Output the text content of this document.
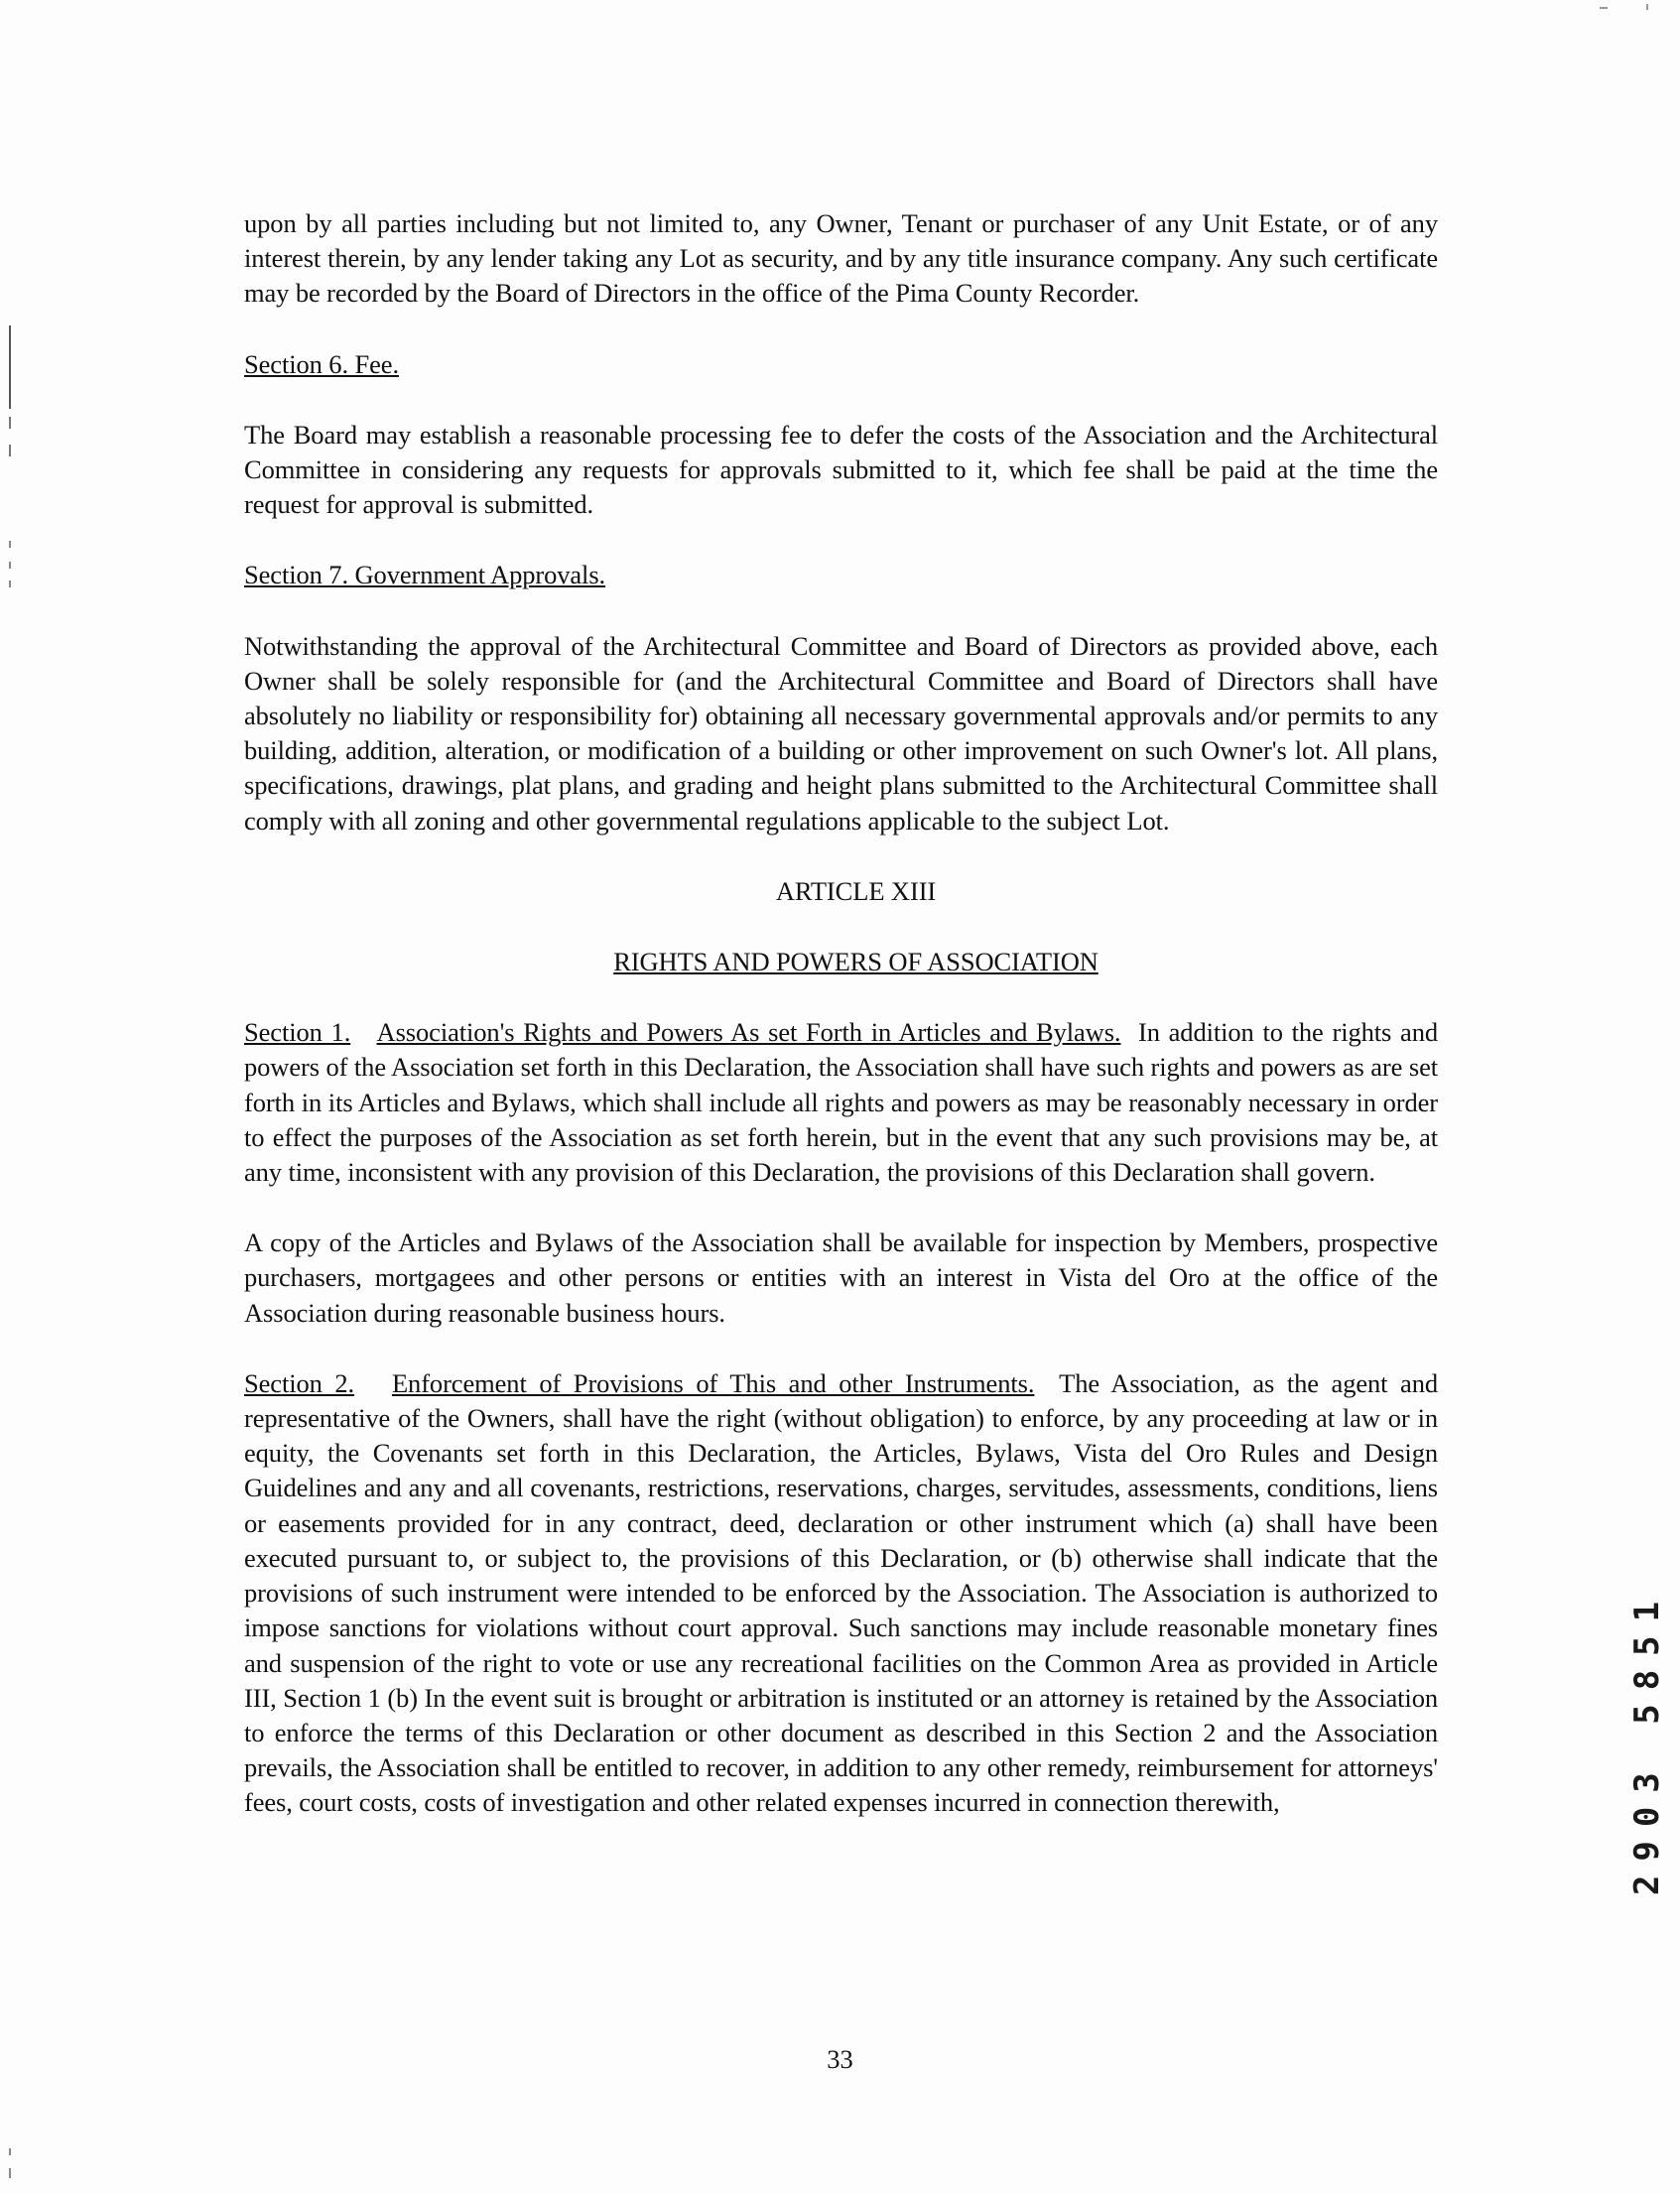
upon by all parties including but not limited to, any Owner, Tenant or purchaser of any Unit Estate, or of any interest therein, by any lender taking any Lot as security, and by any title insurance company. Any such certificate may be recorded by the Board of Directors in the office of the Pima County Recorder.

Section 6. Fee.

The Board may establish a reasonable processing fee to defer the costs of the Association and the Architectural Committee in considering any requests for approvals submitted to it, which fee shall be paid at the time the request for approval is submitted.

Section 7. Government Approvals.

Notwithstanding the approval of the Architectural Committee and Board of Directors as provided above, each Owner shall be solely responsible for (and the Architectural Committee and Board of Directors shall have absolutely no liability or responsibility for) obtaining all necessary governmental approvals and/or permits to any building, addition, alteration, or modification of a building or other improvement on such Owner's lot. All plans, specifications, drawings, plat plans, and grading and height plans submitted to the Architectural Committee shall comply with all zoning and other governmental regulations applicable to the subject Lot.

ARTICLE XIII

RIGHTS AND POWERS OF ASSOCIATION

Section 1. Association's Rights and Powers As set Forth in Articles and Bylaws. In addition to the rights and powers of the Association set forth in this Declaration, the Association shall have such rights and powers as are set forth in its Articles and Bylaws, which shall include all rights and powers as may be reasonably necessary in order to effect the purposes of the Association as set forth herein, but in the event that any such provisions may be, at any time, inconsistent with any provision of this Declaration, the provisions of this Declaration shall govern.

A copy of the Articles and Bylaws of the Association shall be available for inspection by Members, prospective purchasers, mortgagees and other persons or entities with an interest in Vista del Oro at the office of the Association during reasonable business hours.

Section 2. Enforcement of Provisions of This and other Instruments. The Association, as the agent and representative of the Owners, shall have the right (without obligation) to enforce, by any proceeding at law or in equity, the Covenants set forth in this Declaration, the Articles, Bylaws, Vista del Oro Rules and Design Guidelines and any and all covenants, restrictions, reservations, charges, servitudes, assessments, conditions, liens or easements provided for in any contract, deed, declaration or other instrument which (a) shall have been executed pursuant to, or subject to, the provisions of this Declaration, or (b) otherwise shall indicate that the provisions of such instrument were intended to be enforced by the Association. The Association is authorized to impose sanctions for violations without court approval. Such sanctions may include reasonable monetary fines and suspension of the right to vote or use any recreational facilities on the Common Area as provided in Article III, Section 1 (b) In the event suit is brought or arbitration is instituted or an attorney is retained by the Association to enforce the terms of this Declaration or other document as described in this Section 2 and the Association prevails, the Association shall be entitled to recover, in addition to any other remedy, reimbursement for attorneys' fees, court costs, costs of investigation and other related expenses incurred in connection therewith,

33
2903 5851
